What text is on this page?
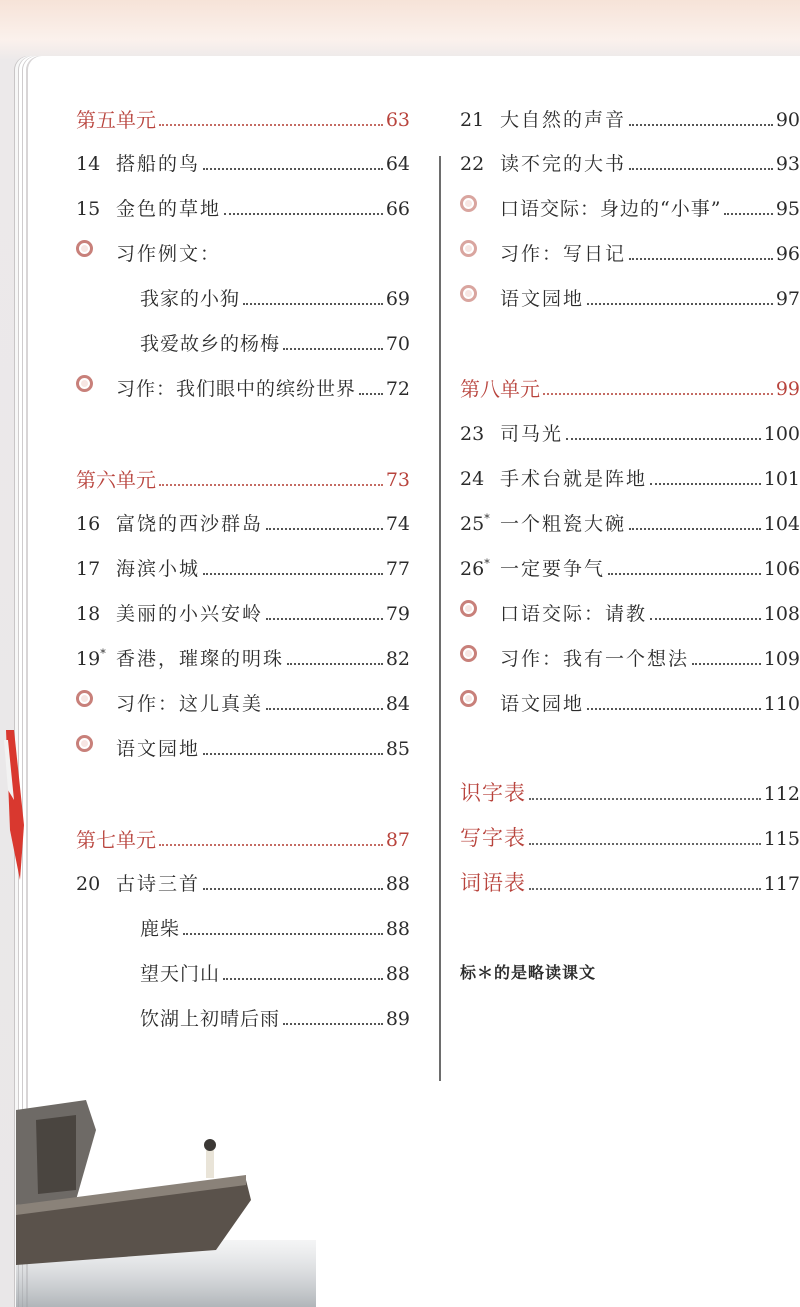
第五单元	63
14 搭船的鸟	64
15 金色的草地	66
习作例文：
我家的小狗	69
我爱故乡的杨梅	70
习作：我们眼中的缤纷世界 72
第六单元	73
16 富饶的西沙群岛	74
17 海滨小城	77
18 美丽的小兴安岭	79
19* 香港，璀璨的明珠	82
习作：这儿真美	84
语文园地	85
第七单元	87
20 古诗三首	88
鹿柴	88
望天门山	88
饮湖上初晴后雨	89
21 大自然的声音	90
22 读不完的大书	93
口语交际：身边的“小事”	95
习作：写日记	96
语文园地	97
第八单元	99
23 司马光	100
24 手术台就是阵地	101
25* 一个粗瓷大碗	104
26* 一定要争气	106
口语交际：请教	108
习作：我有一个想法	109
语文园地	110
识字表	112
写字表	115
词语表	117
标＊的是略读课文
